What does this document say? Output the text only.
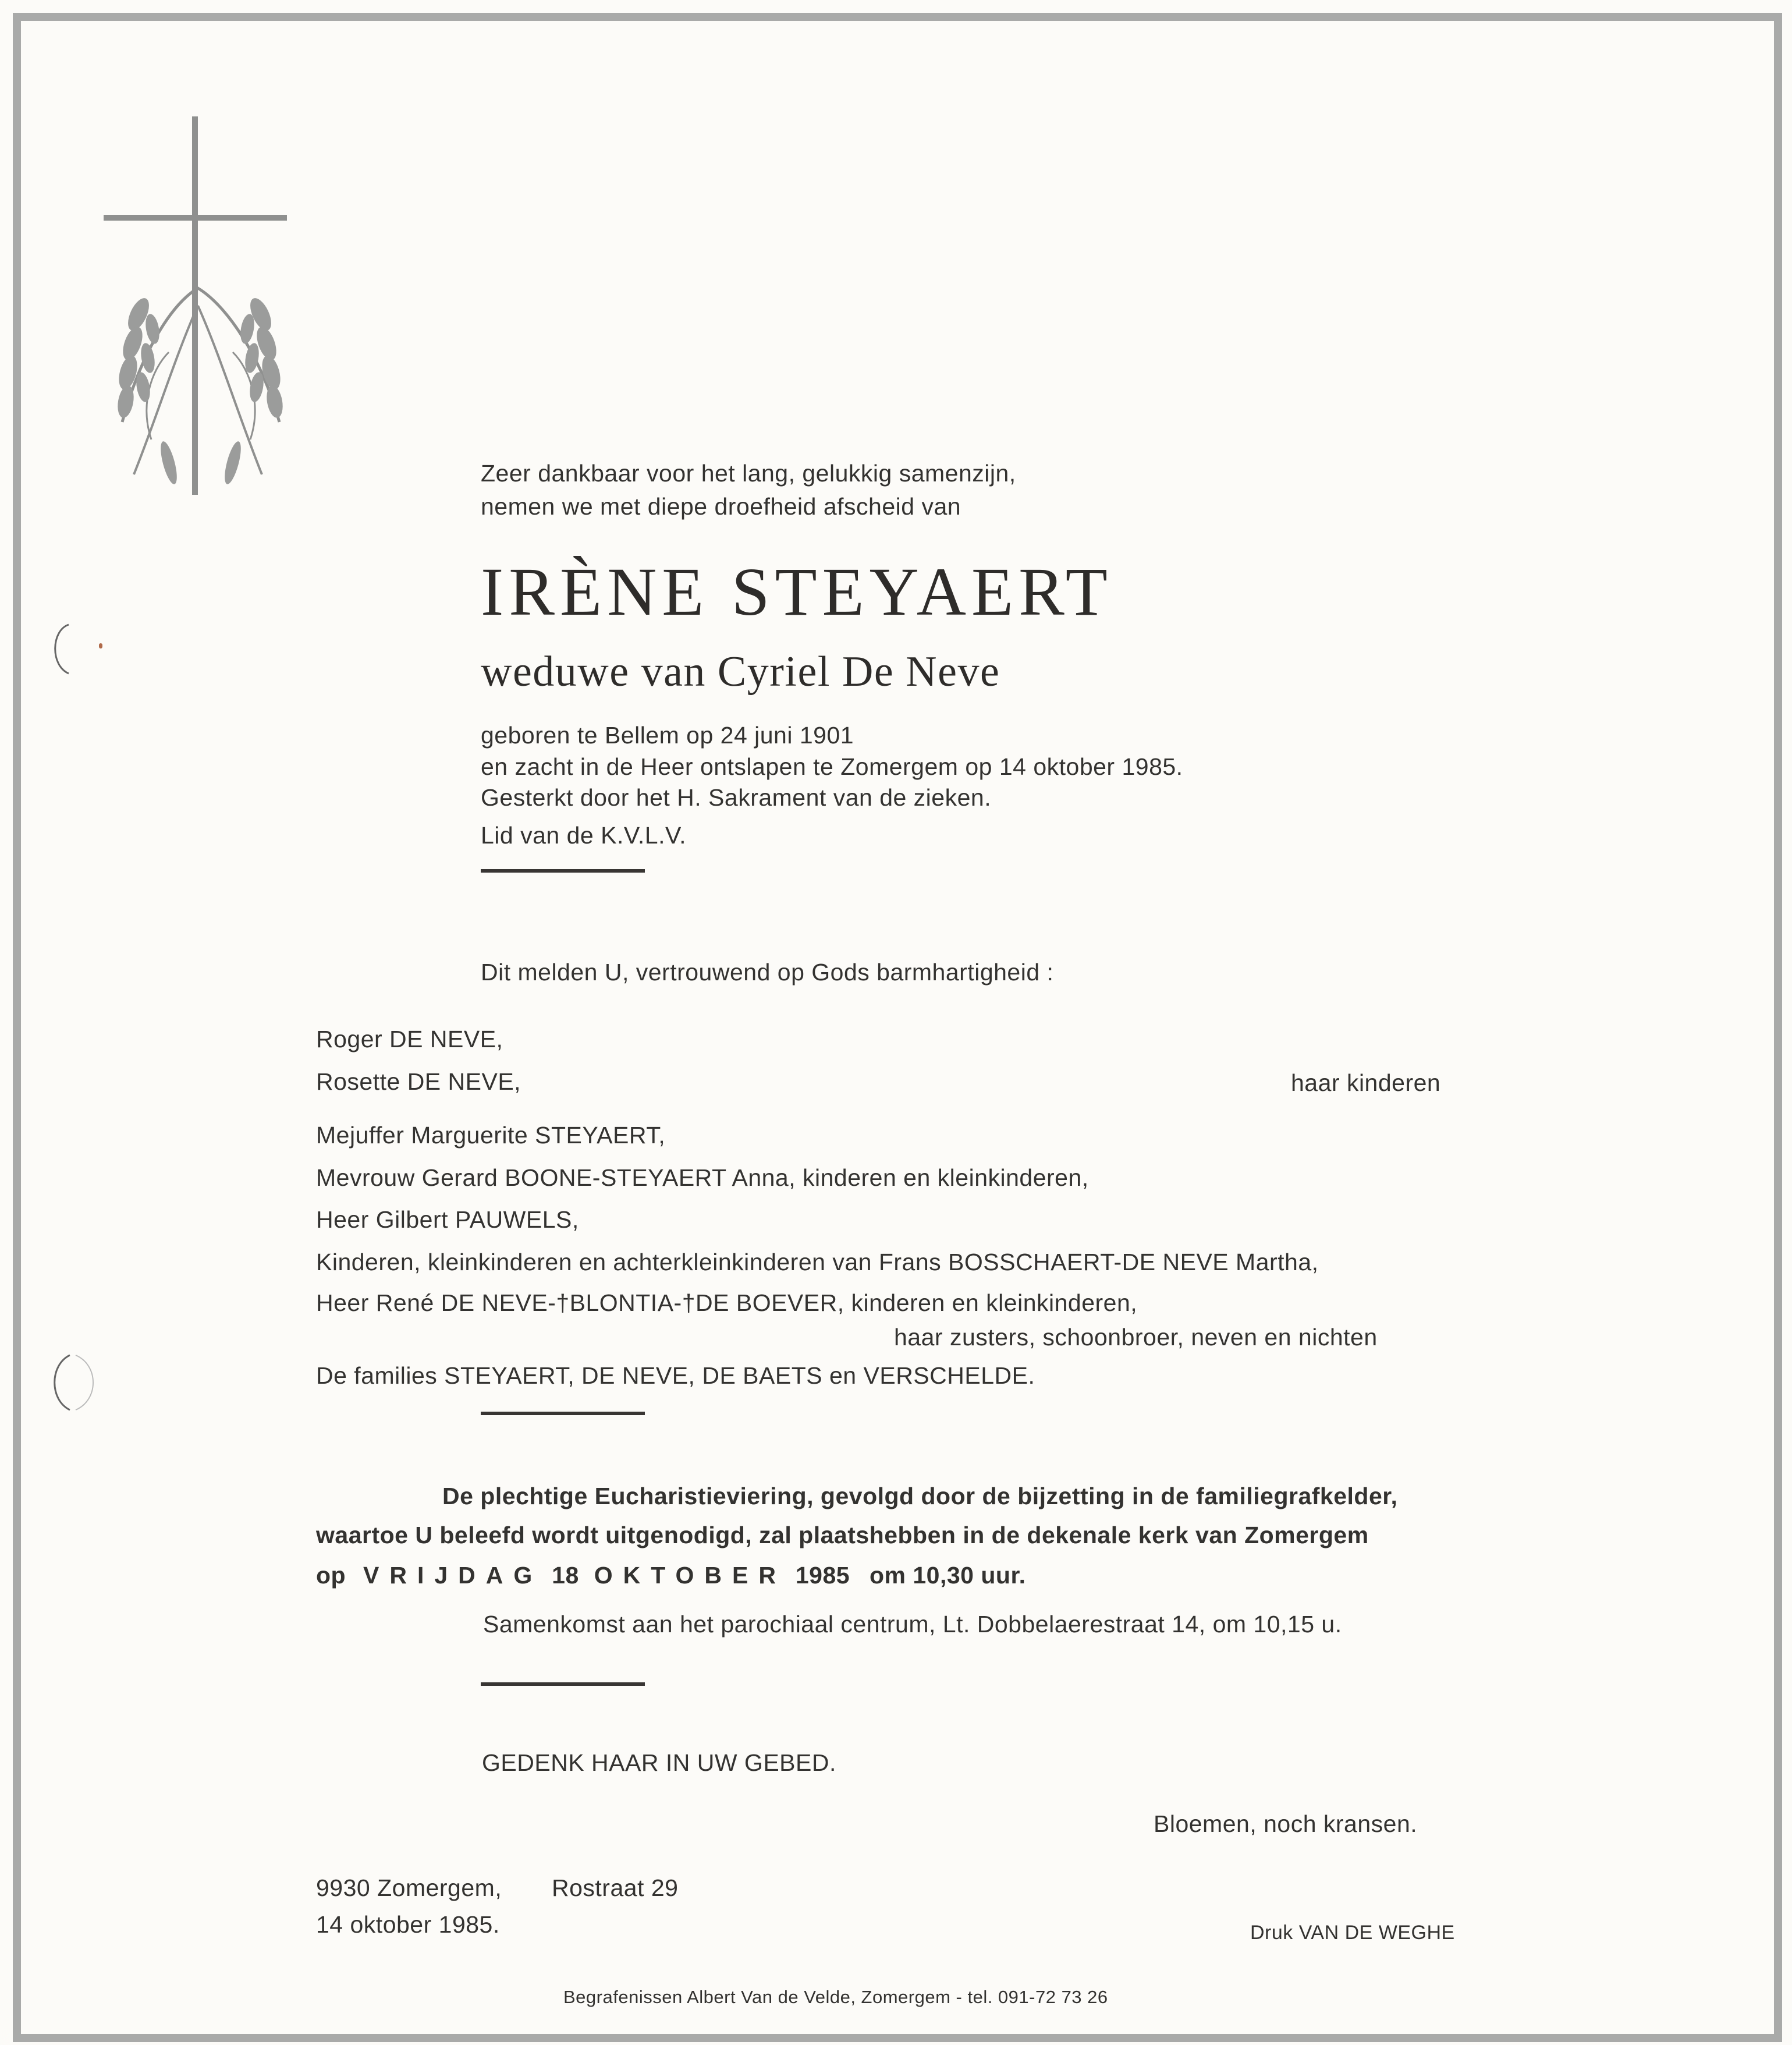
Zeer dankbaar voor het lang, gelukkig samenzijn,
nemen we met diepe droefheid afscheid van
IRÈNE STEYAERT
weduwe van Cyriel De Neve
geboren te Bellem op 24 juni 1901
en zacht in de Heer ontslapen te Zomergem op 14 oktober 1985.
Gesterkt door het H. Sakrament van de zieken.
Lid van de K.V.L.V.
Dit melden U, vertrouwend op Gods barmhartigheid :
Roger DE NEVE,
Rosette DE NEVE,	haar kinderen
Mejuffer Marguerite STEYAERT,
Mevrouw Gerard BOONE-STEYAERT Anna, kinderen en kleinkinderen,
Heer Gilbert PAUWELS,
Kinderen, kleinkinderen en achterkleinkinderen van Frans BOSSCHAERT-DE NEVE Martha,
Heer René DE NEVE-†BLONTIA-†DE BOEVER, kinderen en kleinkinderen,
haar zusters, schoonbroer, neven en nichten
De families STEYAERT, DE NEVE, DE BAETS en VERSCHELDE.
De plechtige Eucharistieviering, gevolgd door de bijzetting in de familiegrafkelder,
waartoe U beleefd wordt uitgenodigd, zal plaatshebben in de dekenale kerk van Zomergem
op VRIJDAG 18 OKTOBER 1985 om 10,30 uur.
Samenkomst aan het parochiaal centrum, Lt. Dobbelaerestraat 14, om 10,15 u.
GEDENK HAAR IN UW GEBED.
Bloemen, noch kransen.
9930 Zomergem, Rostraat 29
14 oktober 1985.	Druk VAN DE WEGHE
Begrafenissen Albert Van de Velde, Zomergem - tel. 091-72 73 26
